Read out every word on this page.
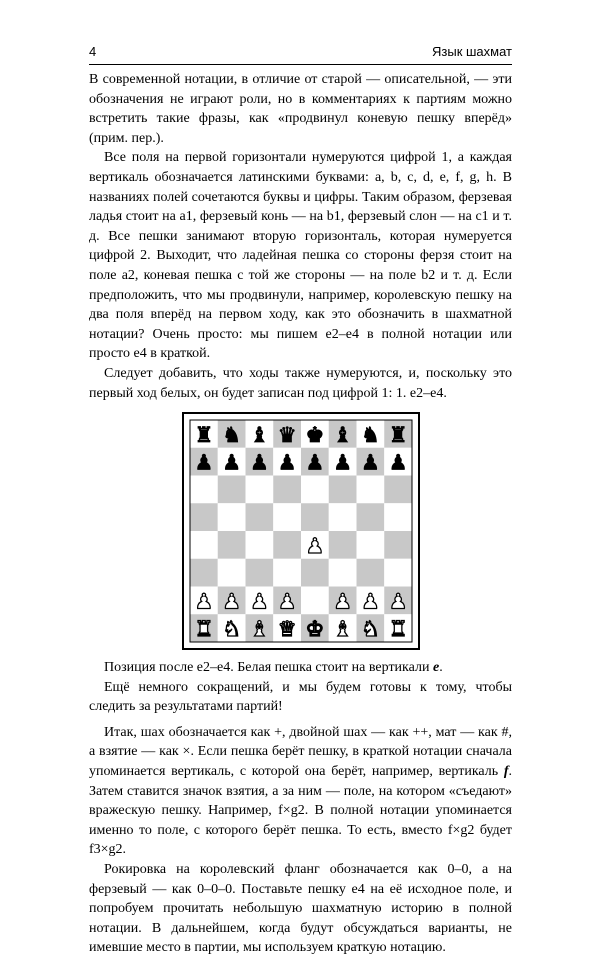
4	Язык шахмат

В современной нотации, в отличие от старой — описательной, — эти обозначения не играют роли, но в комментариях к партиям можно встретить такие фразы, как «продвинул коневую пешку вперёд» (прим. пер.).

Все поля на первой горизонтали нумеруются цифрой 1, а каждая вертикаль обозначается латинскими буквами: a, b, c, d, e, f, g, h. В названиях полей сочетаются буквы и цифры. Таким образом, ферзевая ладья стоит на a1, ферзевый конь — на b1, ферзевый слон — на c1 и т. д. Все пешки занимают вторую горизонталь, которая нумеруется цифрой 2. Выходит, что ладейная пешка со стороны ферзя стоит на поле a2, коневая пешка с той же стороны — на поле b2 и т. д. Если предположить, что мы продвинули, например, королевскую пешку на два поля вперёд на первом ходу, как это обозначить в шахматной нотации? Очень просто: мы пишем e2–e4 в полной нотации или просто e4 в краткой.

Следует добавить, что ходы также нумеруются, и, поскольку это первый ход белых, он будет записан под цифрой 1: 1. e2–e4.

♜ ♞ ♝ ♛ ♚ ♝ ♞ ♜
♟ ♟ ♟ ♟ ♟ ♟ ♟ ♟
♟
♟ ♟ ♟ ♟ ♟ ♟ ♟
♜ ♞ ♝ ♛ ♚ ♝ ♞ ♜

Позиция после e2–e4. Белая пешка стоит на вертикали e.

Ещё немного сокращений, и мы будем готовы к тому, чтобы следить за результатами партий!

Итак, шах обозначается как +, двойной шах — как ++, мат — как #, а взятие — как ×. Если пешка берёт пешку, в краткой нотации сначала упоминается вертикаль, с которой она берёт, например, вертикаль f. Затем ставится значок взятия, а за ним — поле, на котором «съедают» вражескую пешку. Например, f×g2. В полной нотации упоминается именно то поле, с которого берёт пешка. То есть, вместо f×g2 будет f3×g2.

Рокировка на королевский фланг обозначается как 0–0, а на ферзевый — как 0–0–0. Поставьте пешку e4 на её исходное поле, и попробуем прочитать небольшую шахматную историю в полной нотации. В дальнейшем, когда будут обсуждаться варианты, не имевшие место в партии, мы используем краткую нотацию.
